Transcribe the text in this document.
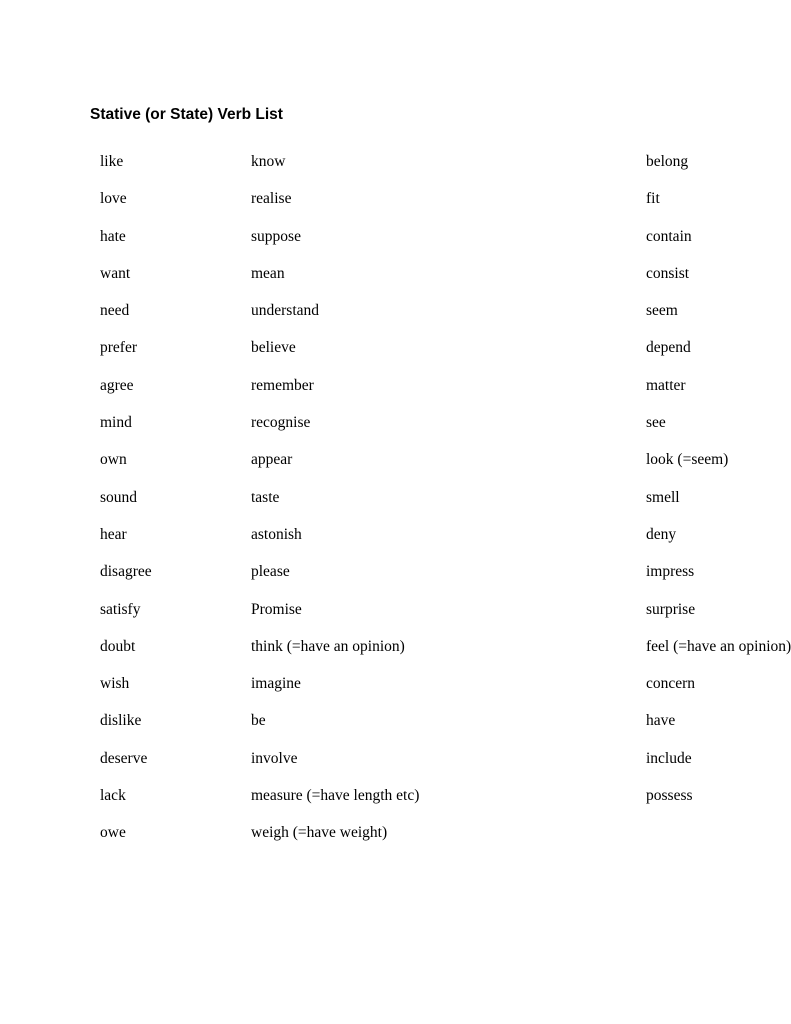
Stative (or State) Verb List
like
love
hate
want
need
prefer
agree
mind
own
sound
hear
disagree
satisfy
doubt
wish
dislike
deserve
lack
owe
know
realise
suppose
mean
understand
believe
remember
recognise
appear
taste
astonish
please
Promise
think (=have an opinion)
imagine
be
involve
measure (=have length etc)
weigh (=have weight)
belong
fit
contain
consist
seem
depend
matter
see
look (=seem)
smell
deny
impress
surprise
feel (=have an opinion)
concern
have
include
possess
